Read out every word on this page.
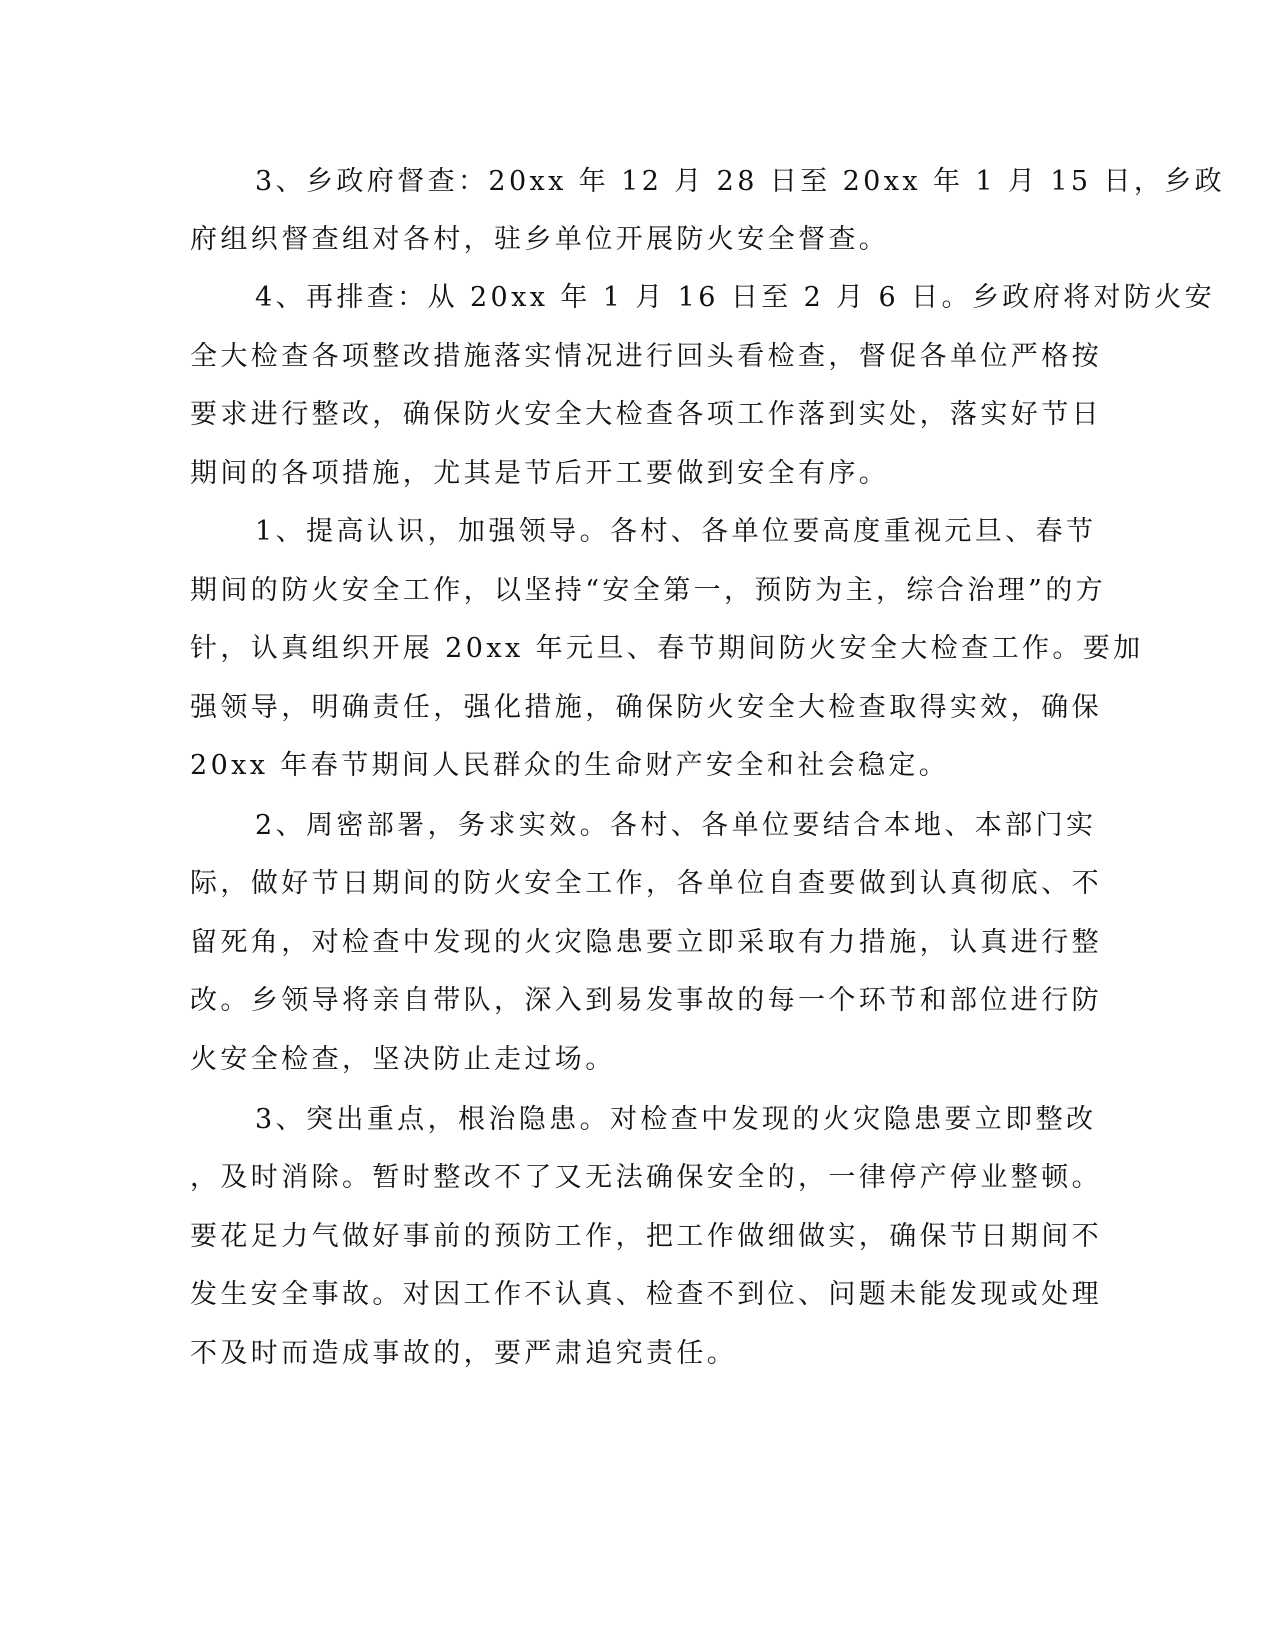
3、乡政府督查：20xx 年 12 月 28 日至 20xx 年 1 月 15 日，乡政
府组织督查组对各村，驻乡单位开展防火安全督查。
4、再排查：从 20xx 年 1 月 16 日至 2 月 6 日。乡政府将对防火安
全大检查各项整改措施落实情况进行回头看检查，督促各单位严格按
要求进行整改，确保防火安全大检查各项工作落到实处，落实好节日
期间的各项措施，尤其是节后开工要做到安全有序。
1、提高认识，加强领导。各村、各单位要高度重视元旦、春节
期间的防火安全工作，以坚持“安全第一，预防为主，综合治理”的方
针，认真组织开展 20xx 年元旦、春节期间防火安全大检查工作。要加
强领导，明确责任，强化措施，确保防火安全大检查取得实效，确保
20xx 年春节期间人民群众的生命财产安全和社会稳定。
2、周密部署，务求实效。各村、各单位要结合本地、本部门实
际，做好节日期间的防火安全工作，各单位自查要做到认真彻底、不
留死角，对检查中发现的火灾隐患要立即采取有力措施，认真进行整
改。乡领导将亲自带队，深入到易发事故的每一个环节和部位进行防
火安全检查，坚决防止走过场。
3、突出重点，根治隐患。对检查中发现的火灾隐患要立即整改
，及时消除。暂时整改不了又无法确保安全的，一律停产停业整顿。
要花足力气做好事前的预防工作，把工作做细做实，确保节日期间不
发生安全事故。对因工作不认真、检查不到位、问题未能发现或处理
不及时而造成事故的，要严肃追究责任。
